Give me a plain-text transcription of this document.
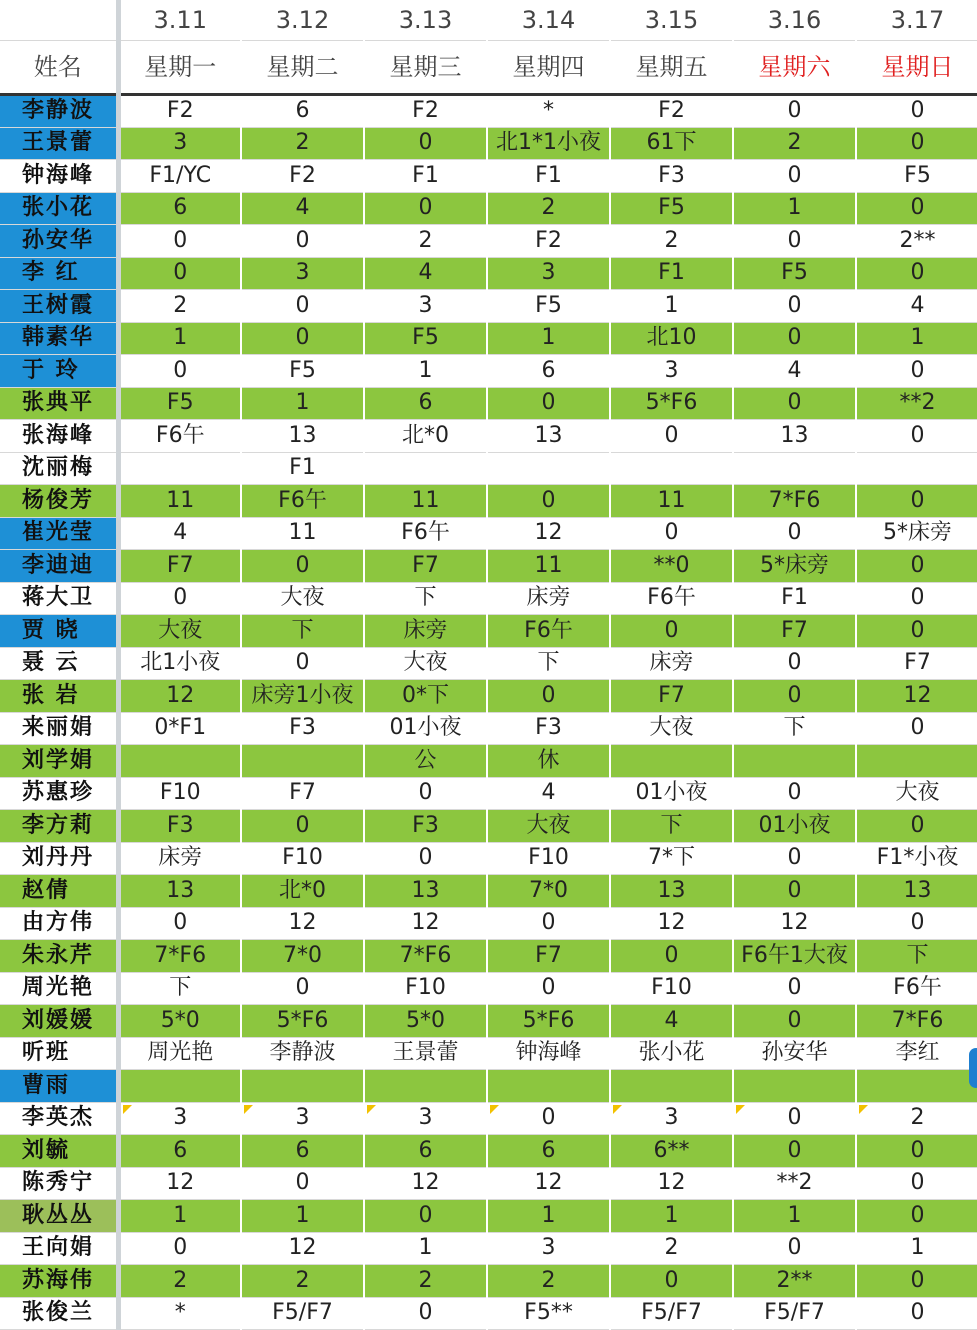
	3.11	3.12	3.13	3.14	3.15	3.16	3.17
姓名	星期一	星期二	星期三	星期四	星期五	星期六	星期日
李静波	F2	6	F2	*	F2	0	0
王景蕾	3	2	0	北1*1小夜	61下	2	0
钟海峰	F1/YC	F2	F1	F1	F3	0	F5
张小花	6	4	0	2	F5	1	0
孙安华	0	0	2	F2	2	0	2**
李 红	0	3	4	3	F1	F5	0
王树霞	2	0	3	F5	1	0	4
韩素华	1	0	F5	1	北10	0	1
于 玲	0	F5	1	6	3	4	0
张典平	F5	1	6	0	5*F6	0	**2
张海峰	F6午	13	北*0	13	0	13	0
沈丽梅		F1					
杨俊芳	11	F6午	11	0	11	7*F6	0
崔光莹	4	11	F6午	12	0	0	5*床旁
李迪迪	F7	0	F7	11	**0	5*床旁	0
蒋大卫	0	大夜	下	床旁	F6午	F1	0
贾 晓	大夜	下	床旁	F6午	0	F7	0
聂 云	北1小夜	0	大夜	下	床旁	0	F7
张 岩	12	床旁1小夜	0*下	0	F7	0	12
来丽娟	0*F1	F3	01小夜	F3	大夜	下	0
刘学娟			公	休			
苏惠珍	F10	F7	0	4	01小夜	0	大夜
李方莉	F3	0	F3	大夜	下	01小夜	0
刘丹丹	床旁	F10	0	F10	7*下	0	F1*小夜
赵倩	13	北*0	13	7*0	13	0	13
由方伟	0	12	12	0	12	12	0
朱永芹	7*F6	7*0	7*F6	F7	0	F6午1大夜	下
周光艳	下	0	F10	0	F10	0	F6午
刘媛媛	5*0	5*F6	5*0	5*F6	4	0	7*F6
听班	周光艳	李静波	王景蕾	钟海峰	张小花	孙安华	李红
曹雨							
李英杰	3	3	3	0	3	0	2
刘毓	6	6	6	6	6**	0	0
陈秀宁	12	0	12	12	12	**2	0
耿丛丛	1	1	0	1	1	1	0
王向娟	0	12	1	3	2	0	1
苏海伟	2	2	2	2	0	2**	0
张俊兰	*	F5/F7	0	F5**	F5/F7	F5/F7	0
